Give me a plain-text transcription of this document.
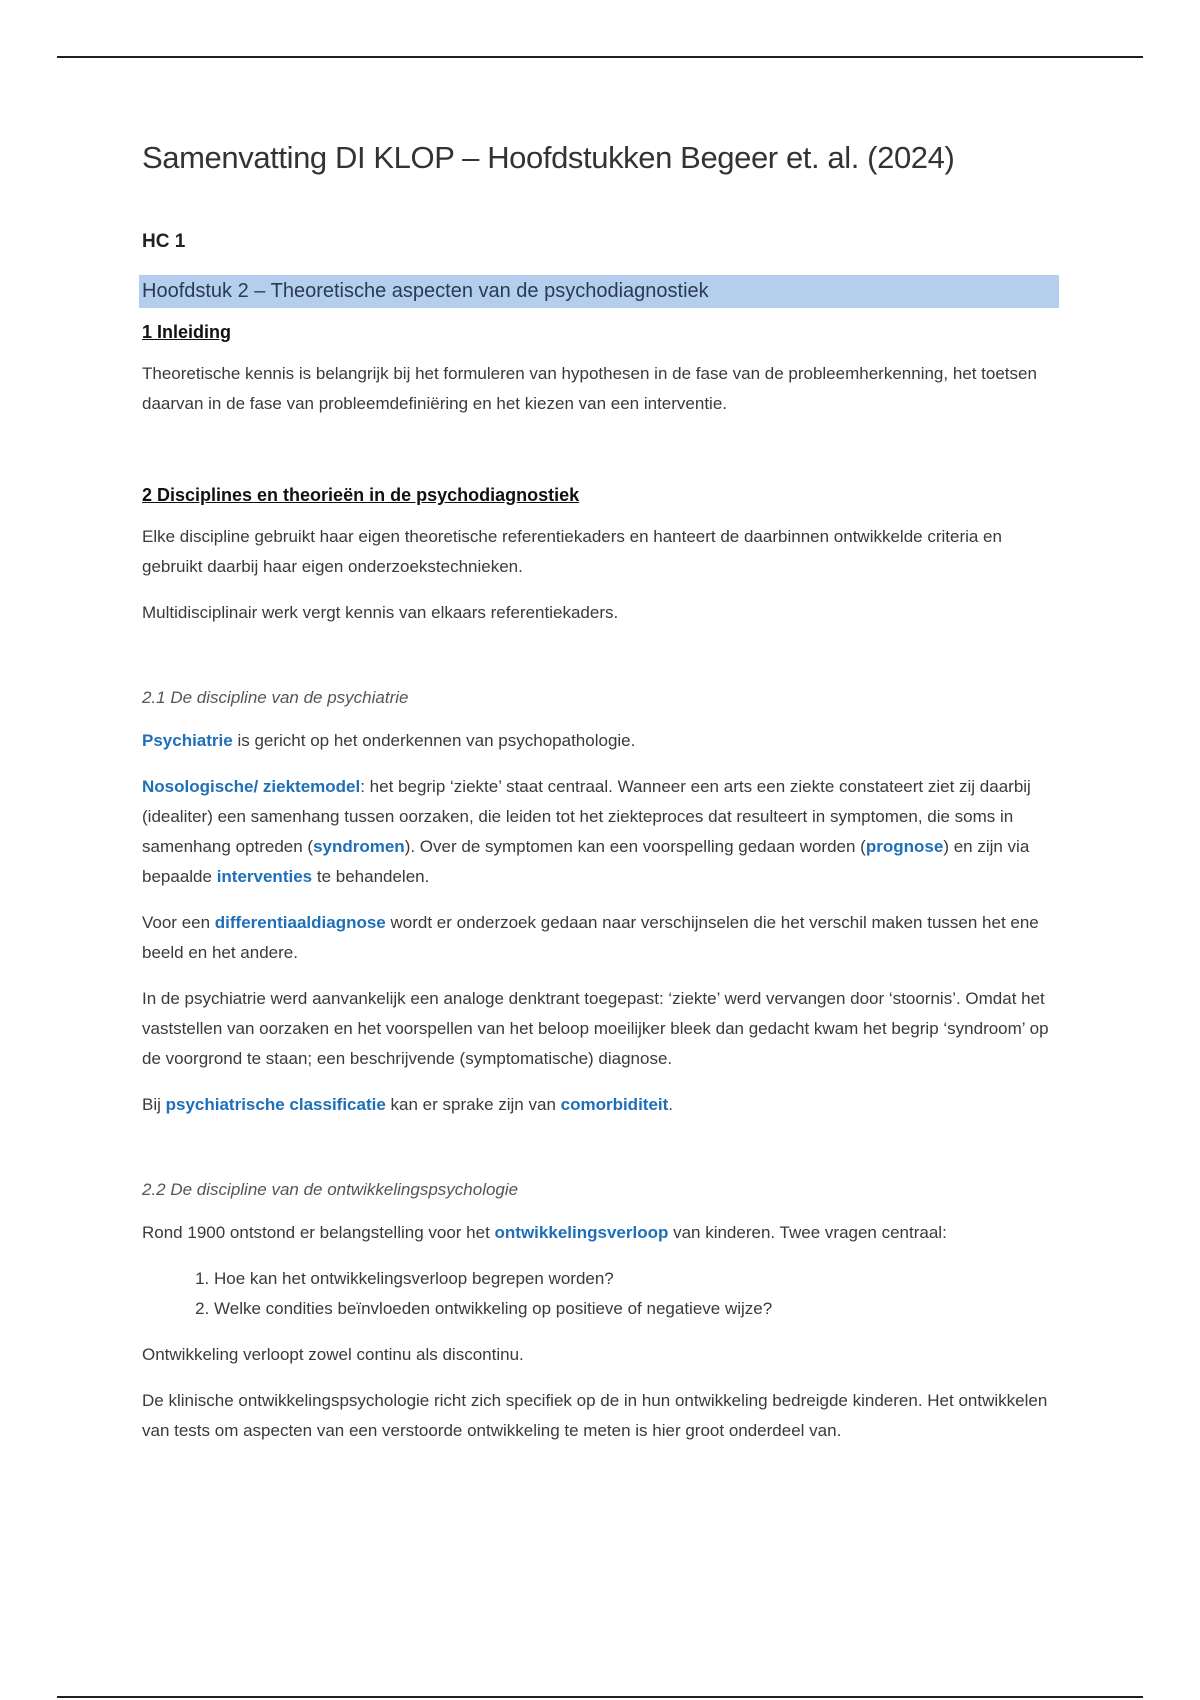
Samenvatting DI KLOP – Hoofdstukken Begeer et. al. (2024)
HC 1
Hoofdstuk 2 – Theoretische aspecten van de psychodiagnostiek
1 Inleiding

Theoretische kennis is belangrijk bij het formuleren van hypothesen in de fase van de probleemherkenning, het toetsen daarvan in de fase van probleemdefiniëring en het kiezen van een interventie.

2 Disciplines en theorieën in de psychodiagnostiek

Elke discipline gebruikt haar eigen theoretische referentiekaders en hanteert de daarbinnen ontwikkelde criteria en gebruikt daarbij haar eigen onderzoekstechnieken.

Multidisciplinair werk vergt kennis van elkaars referentiekaders.

2.1 De discipline van de psychiatrie

Psychiatrie is gericht op het onderkennen van psychopathologie.

Nosologische/ ziektemodel: het begrip ‘ziekte’ staat centraal. Wanneer een arts een ziekte constateert ziet zij daarbij (idealiter) een samenhang tussen oorzaken, die leiden tot het ziekteproces dat resulteert in symptomen, die soms in samenhang optreden (syndromen). Over de symptomen kan een voorspelling gedaan worden (prognose) en zijn via bepaalde interventies te behandelen.

Voor een differentiaaldiagnose wordt er onderzoek gedaan naar verschijnselen die het verschil maken tussen het ene beeld en het andere.

In de psychiatrie werd aanvankelijk een analoge denktrant toegepast: ‘ziekte’ werd vervangen door ‘stoornis’. Omdat het vaststellen van oorzaken en het voorspellen van het beloop moeilijker bleek dan gedacht kwam het begrip ‘syndroom’ op de voorgrond te staan; een beschrijvende (symptomatische) diagnose.

Bij psychiatrische classificatie kan er sprake zijn van comorbiditeit.

2.2 De discipline van de ontwikkelingspsychologie

Rond 1900 ontstond er belangstelling voor het ontwikkelingsverloop van kinderen. Twee vragen centraal:

1. Hoe kan het ontwikkelingsverloop begrepen worden?
2. Welke condities beïnvloeden ontwikkeling op positieve of negatieve wijze?

Ontwikkeling verloopt zowel continu als discontinu.

De klinische ontwikkelingspsychologie richt zich specifiek op de in hun ontwikkeling bedreigde kinderen. Het ontwikkelen van tests om aspecten van een verstoorde ontwikkeling te meten is hier groot onderdeel van.
